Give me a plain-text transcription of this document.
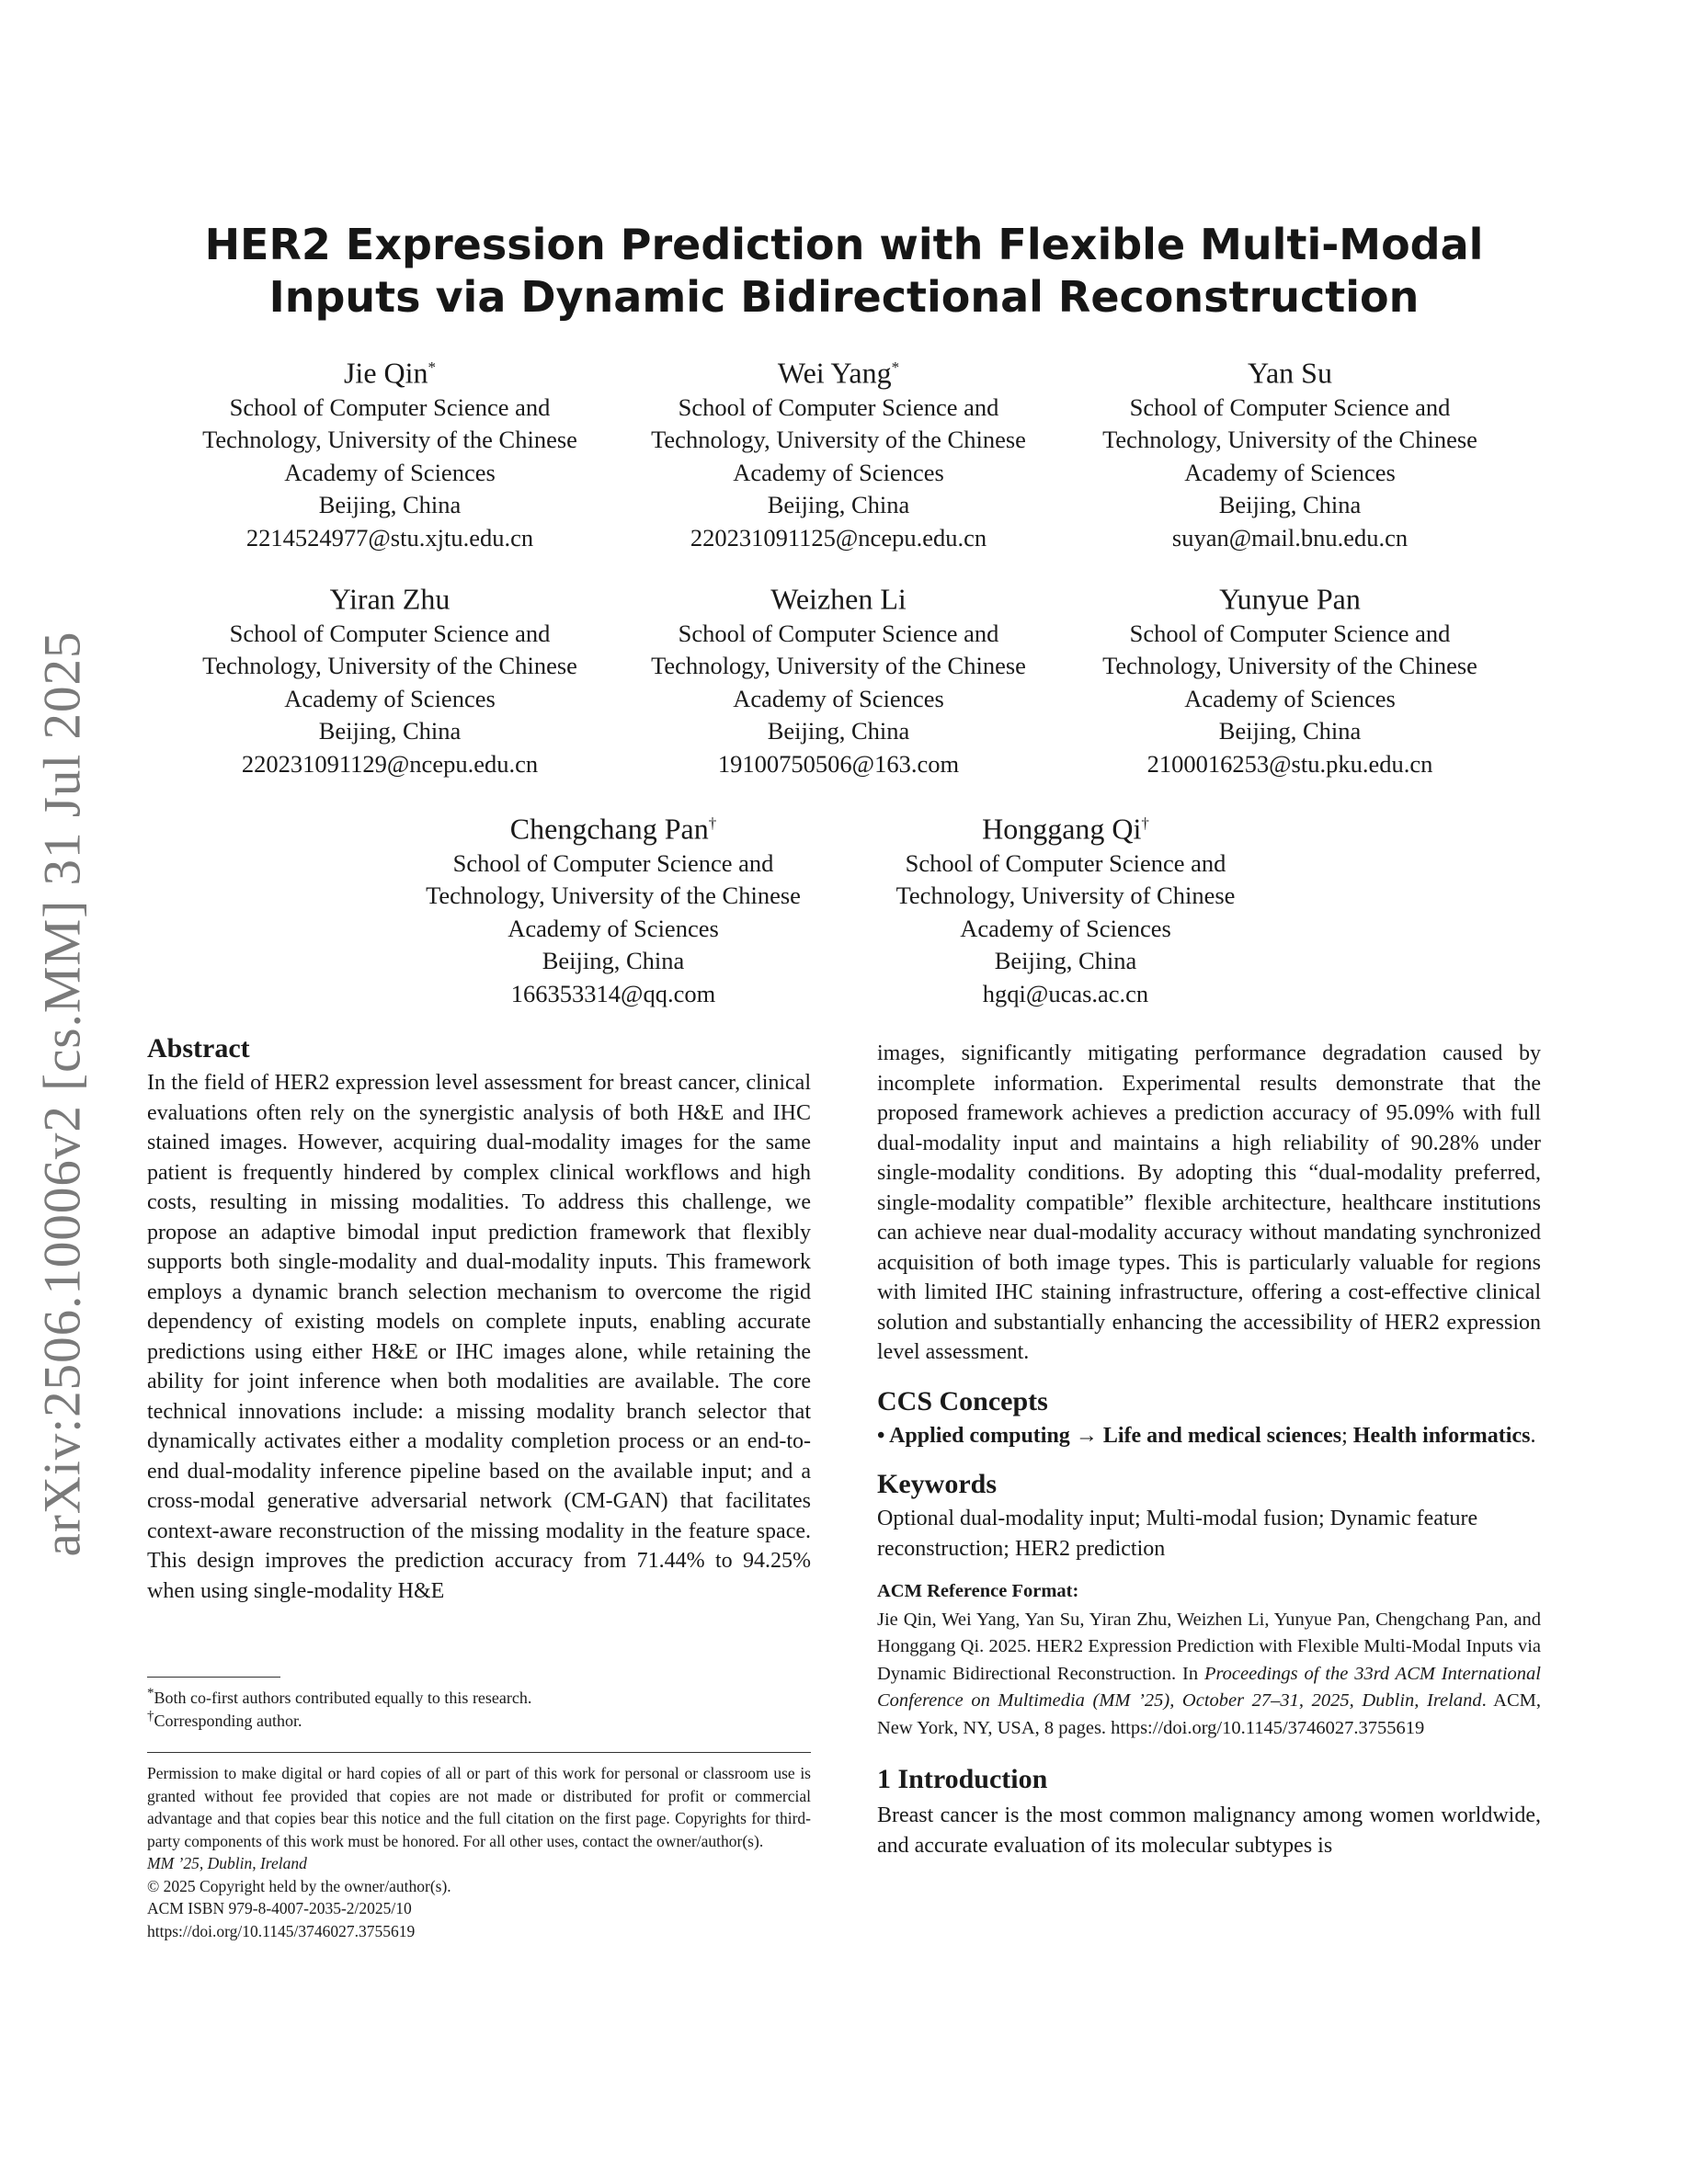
arXiv:2506.10006v2 [cs.MM] 31 Jul 2025
HER2 Expression Prediction with Flexible Multi-Modal Inputs via Dynamic Bidirectional Reconstruction
Jie Qin*
School of Computer Science and
Technology, University of the Chinese
Academy of Sciences
Beijing, China
2214524977@stu.xjtu.edu.cn
Wei Yang*
School of Computer Science and
Technology, University of the Chinese
Academy of Sciences
Beijing, China
220231091125@ncepu.edu.cn
Yan Su
School of Computer Science and
Technology, University of the Chinese
Academy of Sciences
Beijing, China
suyan@mail.bnu.edu.cn
Yiran Zhu
School of Computer Science and
Technology, University of the Chinese
Academy of Sciences
Beijing, China
220231091129@ncepu.edu.cn
Weizhen Li
School of Computer Science and
Technology, University of the Chinese
Academy of Sciences
Beijing, China
19100750506@163.com
Yunyue Pan
School of Computer Science and
Technology, University of the Chinese
Academy of Sciences
Beijing, China
2100016253@stu.pku.edu.cn
Chengchang Pan†
School of Computer Science and
Technology, University of the Chinese
Academy of Sciences
Beijing, China
166353314@qq.com
Honggang Qi†
School of Computer Science and
Technology, University of Chinese
Academy of Sciences
Beijing, China
hgqi@ucas.ac.cn
Abstract

In the field of HER2 expression level assessment for breast cancer, clinical evaluations often rely on the synergistic analysis of both H&E and IHC stained images. However, acquiring dual-modality images for the same patient is frequently hindered by complex clinical workflows and high costs, resulting in missing modalities. To address this challenge, we propose an adaptive bimodal input prediction framework that flexibly supports both single-modality and dual-modality inputs. This framework employs a dynamic branch selection mechanism to overcome the rigid dependency of existing models on complete inputs, enabling accurate predictions using either H&E or IHC images alone, while retaining the ability for joint inference when both modalities are available. The core technical innovations include: a missing modality branch selector that dynamically activates either a modality completion process or an end-to-end dual-modality inference pipeline based on the available input; and a cross-modal generative adversarial network (CM-GAN) that facilitates context-aware reconstruction of the missing modality in the feature space. This design improves the prediction accuracy from 71.44% to 94.25% when using single-modality H&E

*Both co-first authors contributed equally to this research.
†Corresponding author.

Permission to make digital or hard copies of all or part of this work for personal or classroom use is granted without fee provided that copies are not made or distributed for profit or commercial advantage and that copies bear this notice and the full citation on the first page. Copyrights for third-party components of this work must be honored. For all other uses, contact the owner/author(s).

MM ’25, Dublin, Ireland

© 2025 Copyright held by the owner/author(s).

ACM ISBN 979-8-4007-2035-2/2025/10

https://doi.org/10.1145/3746027.3755619

images, significantly mitigating performance degradation caused by incomplete information. Experimental results demonstrate that the proposed framework achieves a prediction accuracy of 95.09% with full dual-modality input and maintains a high reliability of 90.28% under single-modality conditions. By adopting this “dual-modality preferred, single-modality compatible” flexible architecture, healthcare institutions can achieve near dual-modality accuracy without mandating synchronized acquisition of both image types. This is particularly valuable for regions with limited IHC staining infrastructure, offering a cost-effective clinical solution and substantially enhancing the accessibility of HER2 expression level assessment.

CCS Concepts

• Applied computing → Life and medical sciences; Health informatics.

Keywords

Optional dual-modality input; Multi-modal fusion; Dynamic feature reconstruction; HER2 prediction

ACM Reference Format:

Jie Qin, Wei Yang, Yan Su, Yiran Zhu, Weizhen Li, Yunyue Pan, Chengchang Pan, and Honggang Qi. 2025. HER2 Expression Prediction with Flexible Multi-Modal Inputs via Dynamic Bidirectional Reconstruction. In Proceedings of the 33rd ACM International Conference on Multimedia (MM ’25), October 27–31, 2025, Dublin, Ireland. ACM, New York, NY, USA, 8 pages. https://doi.org/10.1145/3746027.3755619

1 Introduction

Breast cancer is the most common malignancy among women worldwide, and accurate evaluation of its molecular subtypes is
